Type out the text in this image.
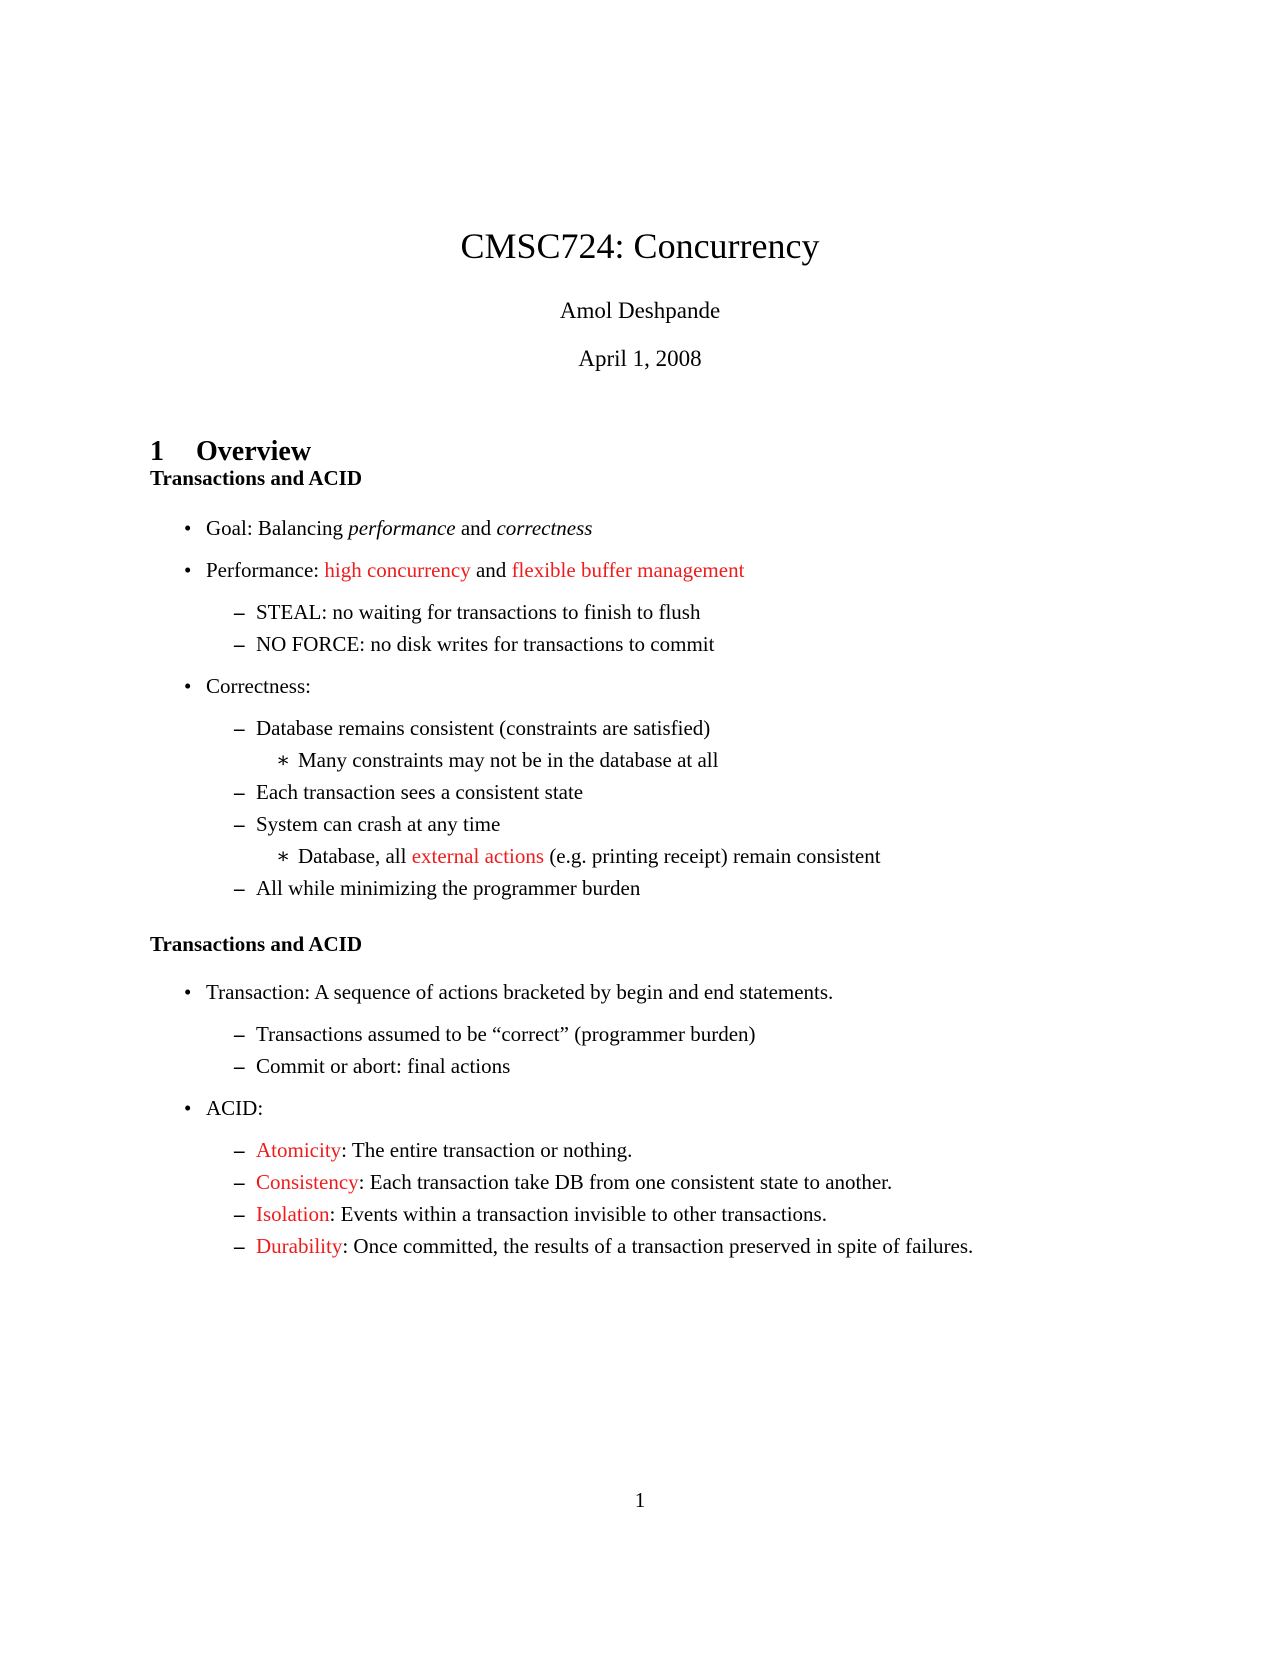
CMSC724: Concurrency
Amol Deshpande
April 1, 2008
1 Overview
Transactions and ACID
• Goal: Balancing performance and correctness
• Performance: high concurrency and flexible buffer management
– STEAL: no waiting for transactions to finish to flush
– NO FORCE: no disk writes for transactions to commit
• Correctness:
– Database remains consistent (constraints are satisfied)
∗ Many constraints may not be in the database at all
– Each transaction sees a consistent state
– System can crash at any time
∗ Database, all external actions (e.g. printing receipt) remain consistent
– All while minimizing the programmer burden
Transactions and ACID
• Transaction: A sequence of actions bracketed by begin and end statements.
– Transactions assumed to be “correct” (programmer burden)
– Commit or abort: final actions
• ACID:
– Atomicity: The entire transaction or nothing.
– Consistency: Each transaction take DB from one consistent state to another.
– Isolation: Events within a transaction invisible to other transactions.
– Durability: Once committed, the results of a transaction preserved in spite of failures.
1
